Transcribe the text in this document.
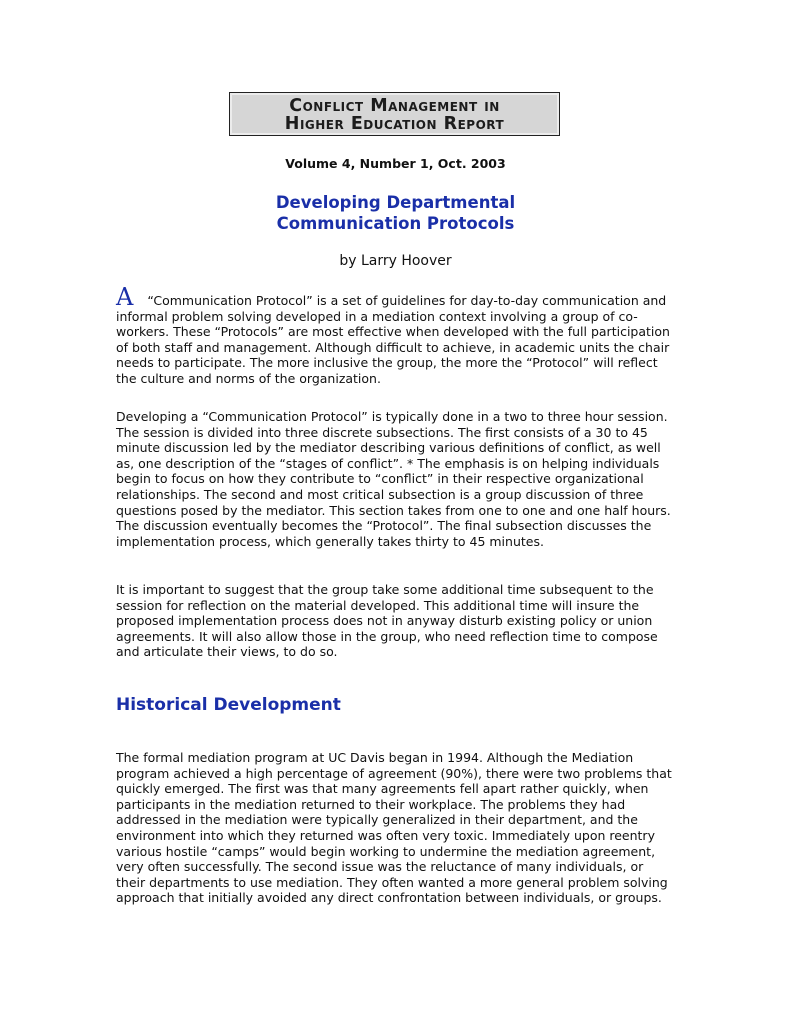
Conflict Management in
Higher Education Report
Volume 4, Number 1, Oct. 2003
Developing Departmental
Communication Protocols
by Larry Hoover

A “Communication Protocol” is a set of guidelines for day-to-day communication and informal problem solving developed in a mediation context involving a group of co-workers. These “Protocols” are most effective when developed with the full participation of both staff and management. Although difficult to achieve, in academic units the chair needs to participate. The more inclusive the group, the more the “Protocol” will reflect the culture and norms of the organization.

Developing a “Communication Protocol” is typically done in a two to three hour session. The session is divided into three discrete subsections. The first consists of a 30 to 45 minute discussion led by the mediator describing various definitions of conflict, as well as, one description of the “stages of conflict”. * The emphasis is on helping individuals begin to focus on how they contribute to “conflict” in their respective organizational relationships. The second and most critical subsection is a group discussion of three questions posed by the mediator. This section takes from one to one and one half hours. The discussion eventually becomes the “Protocol”. The final subsection discusses the implementation process, which generally takes thirty to 45 minutes.

It is important to suggest that the group take some additional time subsequent to the session for reflection on the material developed. This additional time will insure the proposed implementation process does not in anyway disturb existing policy or union agreements. It will also allow those in the group, who need reflection time to compose and articulate their views, to do so.

Historical Development

The formal mediation program at UC Davis began in 1994. Although the Mediation program achieved a high percentage of agreement (90%), there were two problems that quickly emerged. The first was that many agreements fell apart rather quickly, when participants in the mediation returned to their workplace. The problems they had addressed in the mediation were typically generalized in their department, and the environment into which they returned was often very toxic. Immediately upon reentry various hostile “camps” would begin working to undermine the mediation agreement, very often successfully. The second issue was the reluctance of many individuals, or their departments to use mediation. They often wanted a more general problem solving approach that initially avoided any direct confrontation between individuals, or groups.
